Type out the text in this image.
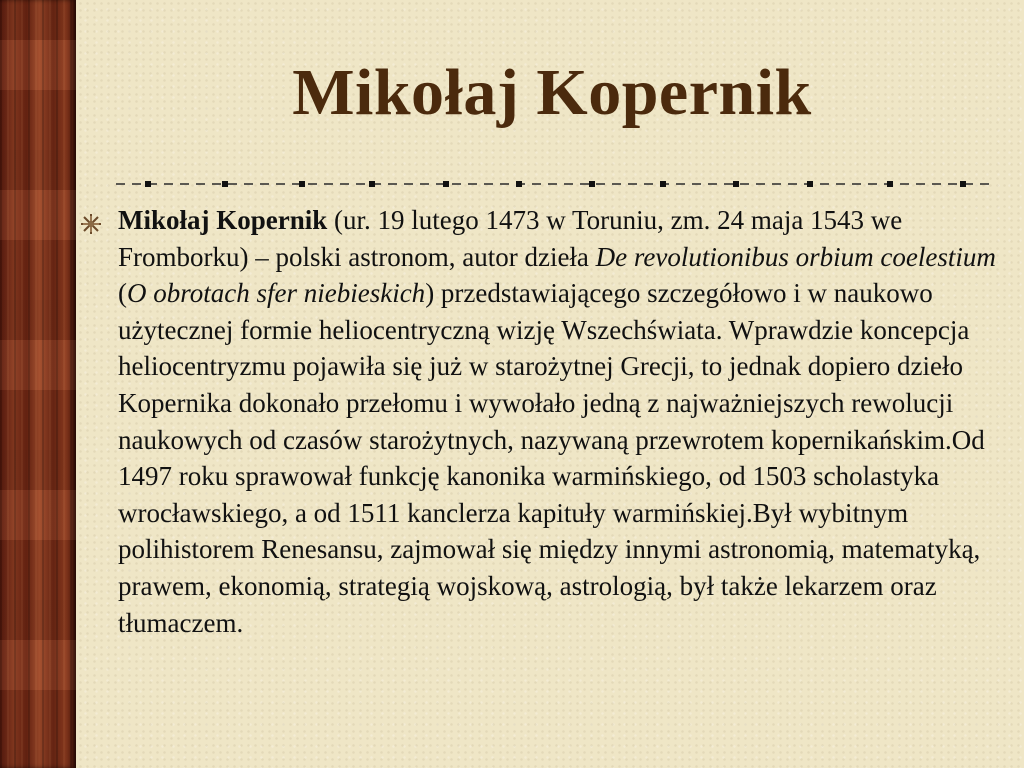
Mikołaj Kopernik
Mikołaj Kopernik (ur. 19 lutego 1473 w Toruniu, zm. 24 maja 1543 we Fromborku) – polski astronom, autor dzieła De revolutionibus orbium coelestium (O obrotach sfer niebieskich) przedstawiającego szczegółowo i w naukowo użytecznej formie heliocentryczną wizję Wszechświata. Wprawdzie koncepcja heliocentryzmu pojawiła się już w starożytnej Grecji, to jednak dopiero dzieło Kopernika dokonało przełomu i wywołało jedną z najważniejszych rewolucji naukowych od czasów starożytnych, nazywaną przewrotem kopernikańskim.Od 1497 roku sprawował funkcję kanonika warmińskiego, od 1503 scholastyka wrocławskiego, a od 1511 kanclerza kapituły warmińskiej.Był wybitnym polihistorem Renesansu, zajmował się między innymi astronomią, matematyką, prawem, ekonomią, strategią wojskową, astrologią, był także lekarzem oraz tłumaczem.
